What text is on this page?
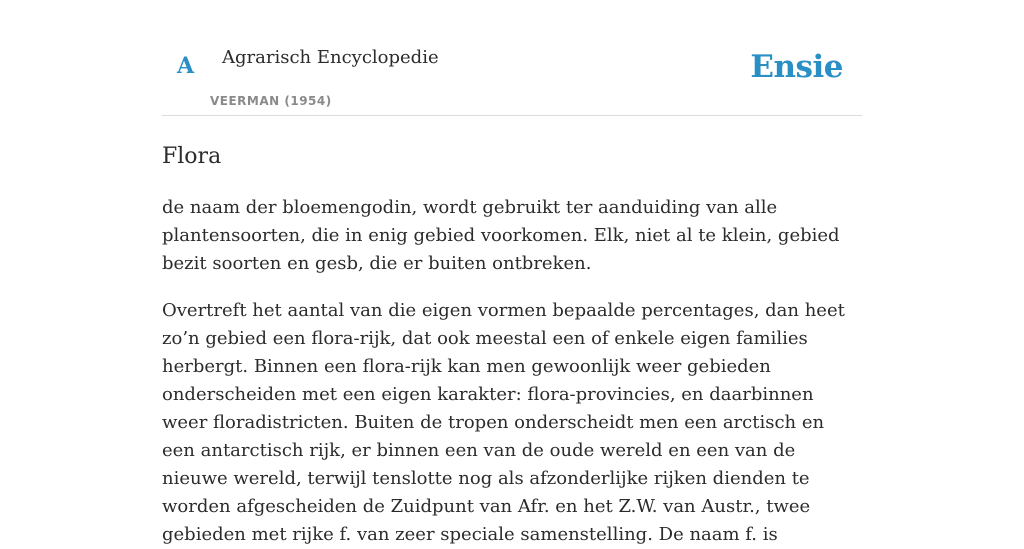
A Agrarisch Encyclopedie
VEERMAN (1954)
Ensie
Flora

de naam der bloemengodin, wordt gebruikt ter aanduiding van alle plantensoorten, die in enig gebied voorkomen. Elk, niet al te klein, gebied bezit soorten en gesb, die er buiten ontbreken.

Overtreft het aantal van die eigen vormen bepaalde percentages, dan heet zo’n gebied een flora-rijk, dat ook meestal een of enkele eigen families herbergt. Binnen een flora-rijk kan men gewoonlijk weer gebieden onderscheiden met een eigen karakter: flora-provincies, en daarbinnen weer floradistricten. Buiten de tropen onderscheidt men een arctisch en een antarctisch rijk, er binnen een van de oude wereld en een van de nieuwe wereld, terwijl tenslotte nog als afzonderlijke rijken dienden te worden afgescheiden de Zuidpunt van Afr. en het Z.W. van Austr., twee gebieden met rijke f. van zeer speciale samenstelling. De naam f. is
